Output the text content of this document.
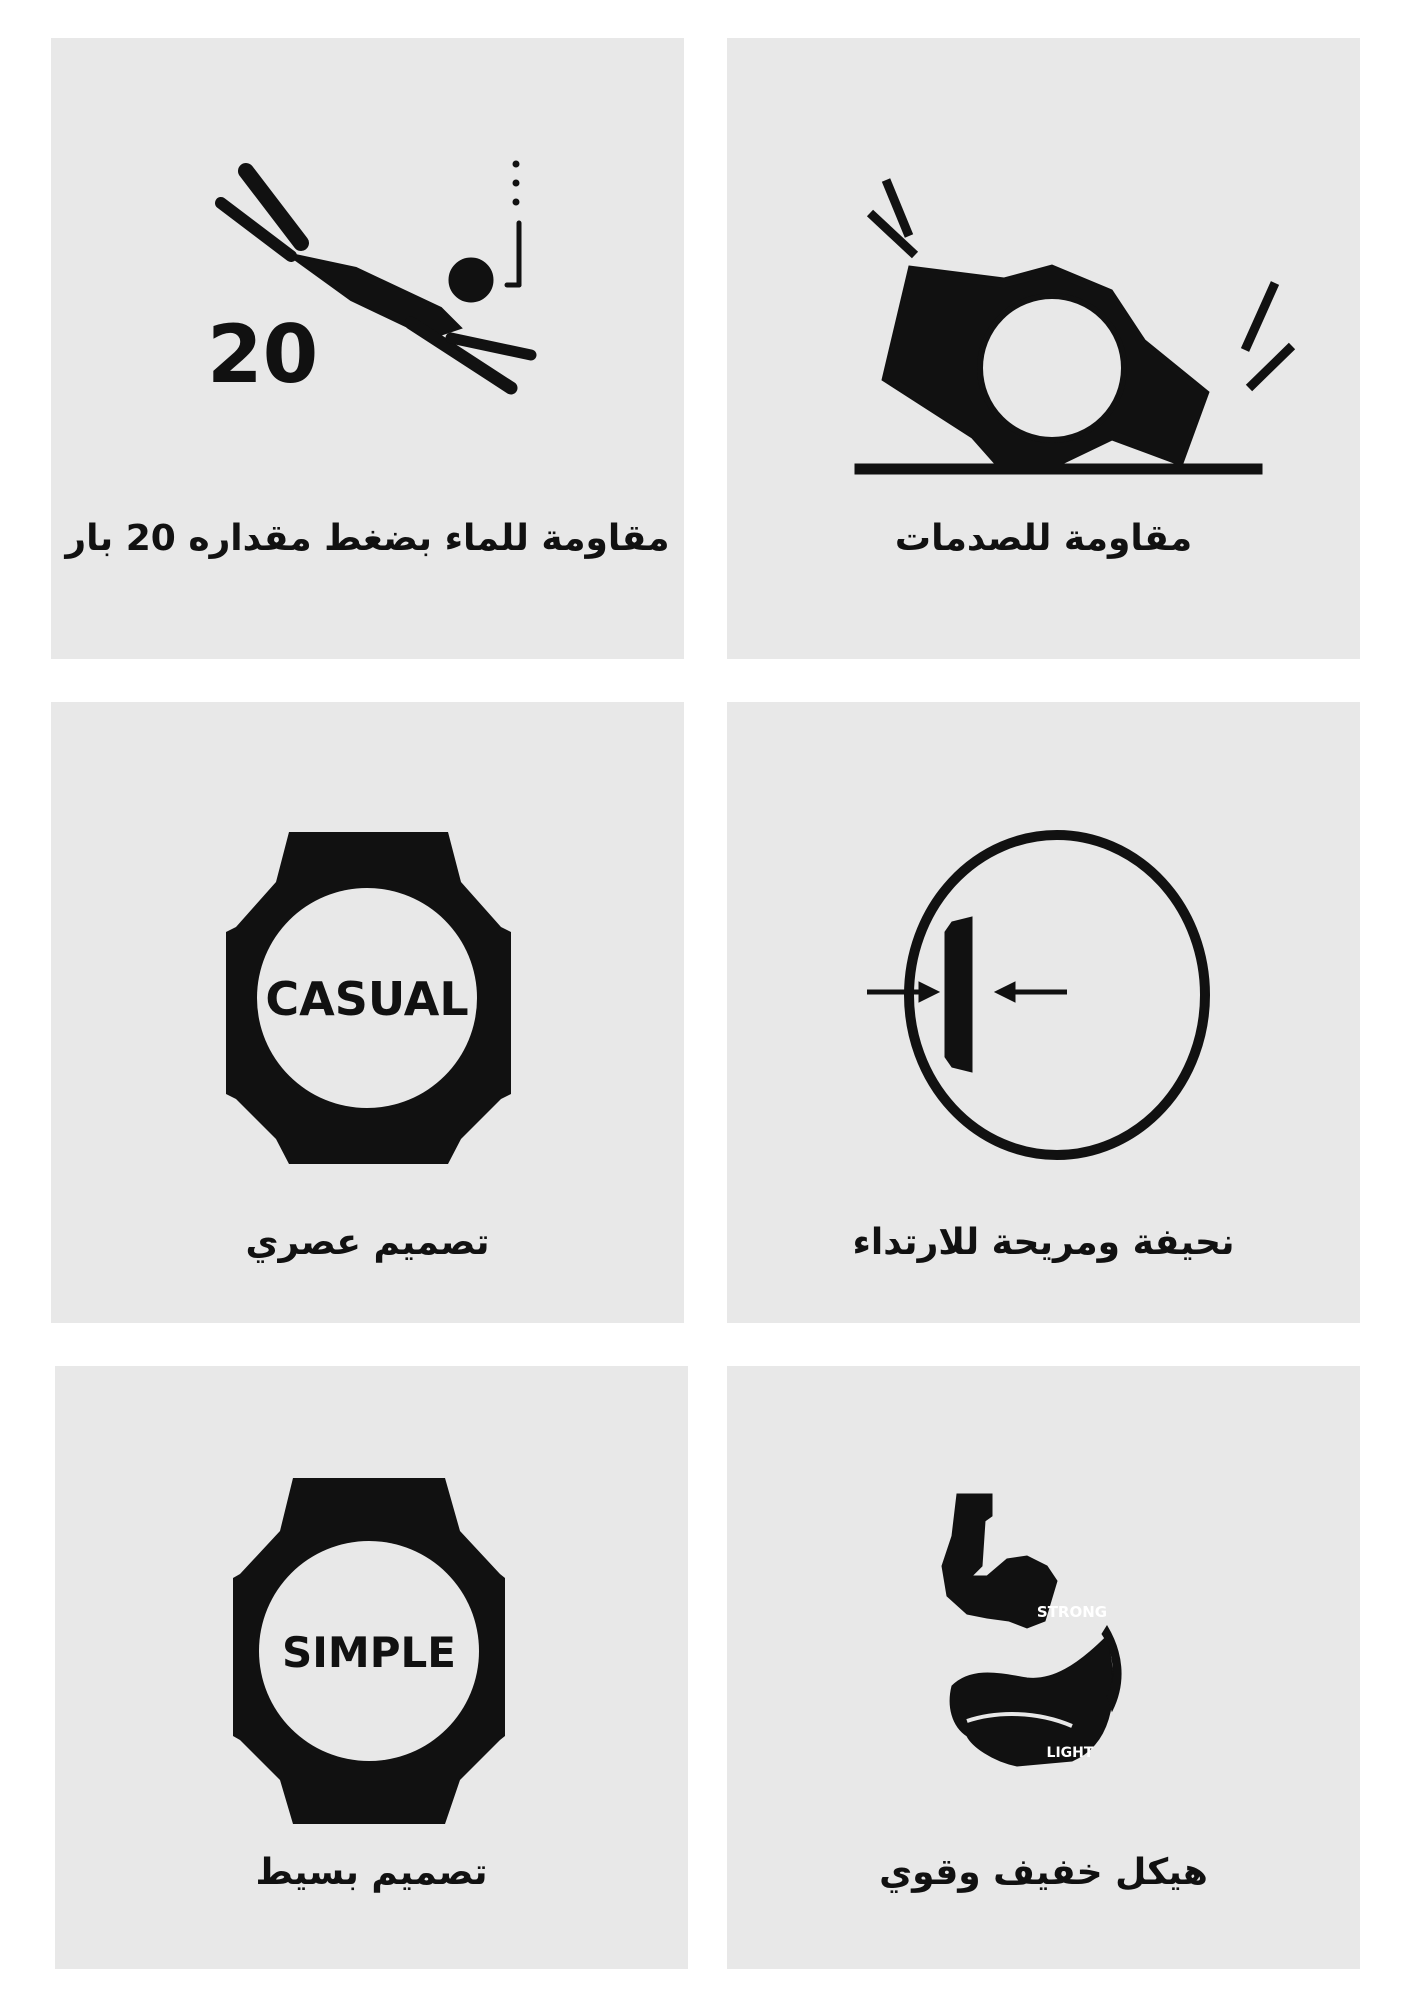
20
مقاومة للماء بضغط مقداره 20 بار	مقاومة للصدمات
CASUAL
تصميم عصري	نحيفة ومريحة للارتداء
SIMPLE
تصميم بسيط
STRONG
LIGHT
هيكل خفيف وقوي
